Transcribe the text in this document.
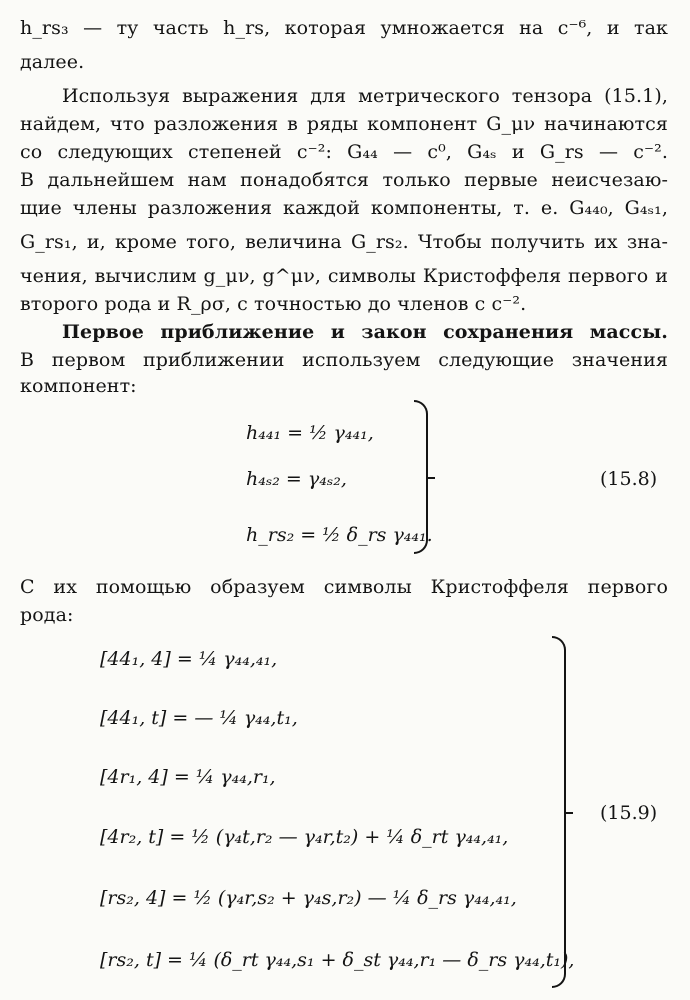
h_rs₃ — ту часть h_rs, которая умножается на c⁻⁶, и так
далее.
Используя выражения для метрического тензора (15.1),
найдем, что разложения в ряды компонент G_μν начинаются
со следующих степеней c⁻²: G₄₄ — c⁰, G₄ₛ и G_rs — c⁻².
В дальнейшем нам понадобятся только первые неисчезаю-
щие члены разложения каждой компоненты, т. е. G₄₄₀, G₄ₛ₁,
G_rs₁, и, кроме того, величина G_rs₂. Чтобы получить их зна-
чения, вычислим g_μν, g^μν, символы Кристоффеля первого и
второго рода и R_ρσ, с точностью до членов с c⁻².
Первое приближение и закон сохранения массы.
В первом приближении используем следующие значения
компонент:
h₄₄₁ = ½ γ₄₄₁,
h₄ₛ₂ = γ₄ₛ₂,
h_rs₂ = ½ δ_rs γ₄₄₁.
(15.8)
С их помощью образуем символы Кристоффеля первого
рода:
[44₁, 4] = ¼ γ₄₄,₄₁,
[44₁, t] = — ¼ γ₄₄,t₁,
[4r₁, 4] = ¼ γ₄₄,r₁,
[4r₂, t] = ½ (γ₄t,r₂ — γ₄r,t₂) + ¼ δ_rt γ₄₄,₄₁,
[rs₂, 4] = ½ (γ₄r,s₂ + γ₄s,r₂) — ¼ δ_rs γ₄₄,₄₁,
[rs₂, t] = ¼ (δ_rt γ₄₄,s₁ + δ_st γ₄₄,r₁ — δ_rs γ₄₄,t₁),
(15.9)
